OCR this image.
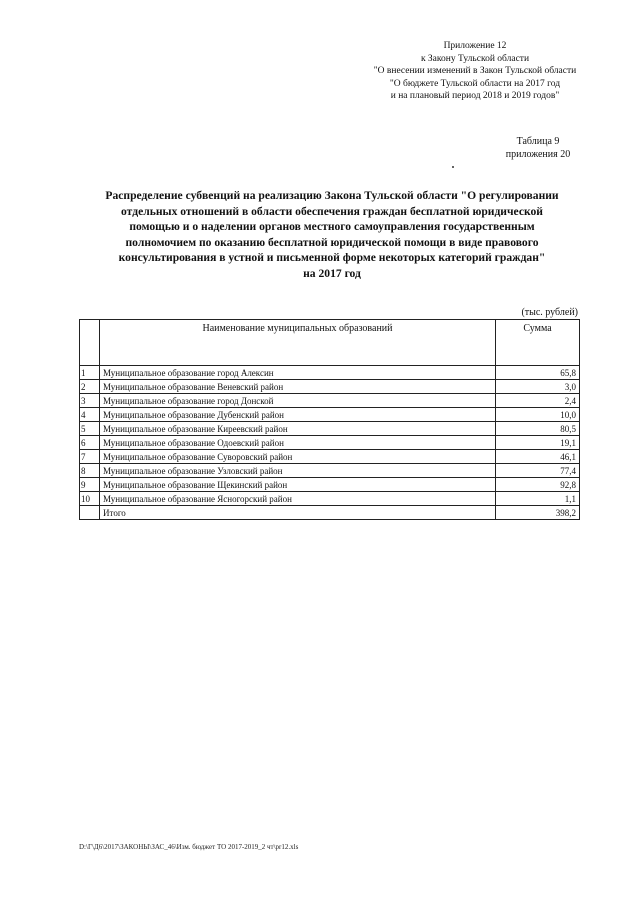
Приложение 12
к Закону Тульской области
"О внесении изменений в Закон Тульской области
"О бюджете Тульской области на 2017 год
и на плановый период 2018 и 2019 годов"
Таблица 9
приложения 20
Распределение субвенций на реализацию Закона Тульской области "О регулировании
отдельных отношений в области обеспечения граждан бесплатной юридической
помощью и о наделении органов местного самоуправления государственным
полномочием по оказанию бесплатной юридической помощи в виде правового
консультирования в устной и письменной форме некоторых категорий граждан"
на 2017 год
(тыс. рублей)
	Наименование муниципальных образований	Сумма
1	Муниципальное образование город Алексин	65,8
2	Муниципальное образование Веневский район	3,0
3	Муниципальное образование город Донской	2,4
4	Муниципальное образование Дубенский район	10,0
5	Муниципальное образование Киреевский район	80,5
6	Муниципальное образование Одоевский район	19,1
7	Муниципальное образование Суворовский район	46,1
8	Муниципальное образование Узловский район	77,4
9	Муниципальное образование Щекинский район	92,8
10	Муниципальное образование Ясногорский район	1,1
	Итого	398,2
D:\Г\Д6\2017\ЗАКОНЫ\ЗАС_46\Изм. бюджет ТО 2017-2019_2 чт\pr12.xls
